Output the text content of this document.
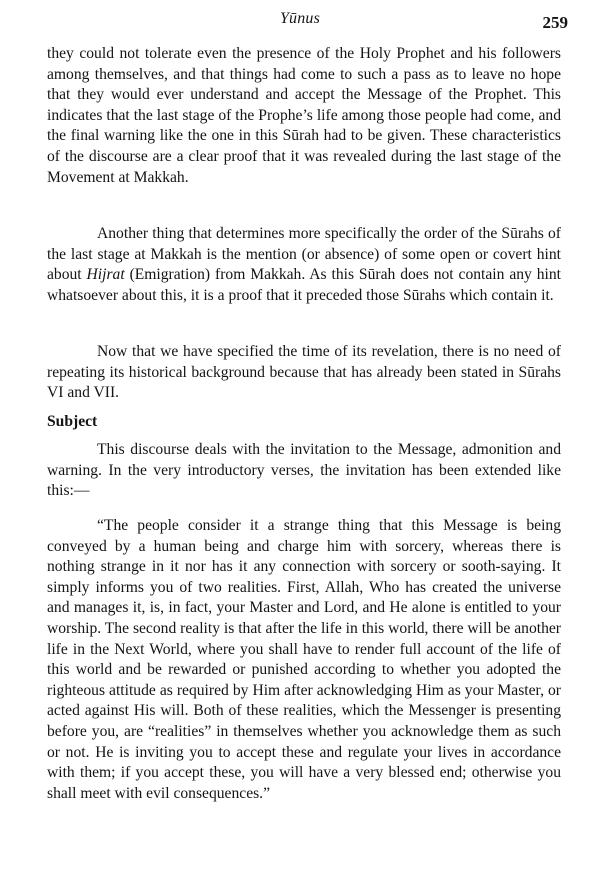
Yūnus	259

they could not tolerate even the presence of the Holy Prophet and his followers among themselves, and that things had come to such a pass as to leave no hope that they would ever understand and accept the Message of the Prophet. This indicates that the last stage of the Prophe’s life among those people had come, and the final warning like the one in this Sūrah had to be given. These characteristics of the discourse are a clear proof that it was revealed during the last stage of the Movement at Makkah.

Another thing that determines more specifically the order of the Sūrahs of the last stage at Makkah is the mention (or absence) of some open or covert hint about Hijrat (Emigration) from Makkah. As this Sūrah does not contain any hint whatsoever about this, it is a proof that it preceded those Sūrahs which contain it.

Now that we have specified the time of its revelation, there is no need of repeating its historical background because that has already been stated in Sūrahs VI and VII.

Subject

This discourse deals with the invitation to the Message, admonition and warning. In the very introductory verses, the invitation has been extended like this:—

“The people consider it a strange thing that this Message is being conveyed by a human being and charge him with sorcery, whereas there is nothing strange in it nor has it any connection with sorcery or sooth-saying. It simply informs you of two realities. First, Allah, Who has created the universe and manages it, is, in fact, your Master and Lord, and He alone is entitled to your worship. The second reality is that after the life in this world, there will be another life in the Next World, where you shall have to render full account of the life of this world and be rewarded or punished according to whether you adopted the righteous attitude as required by Him after acknowledging Him as your Master, or acted against His will. Both of these realities, which the Messenger is presenting before you, are “realities” in themselves whether you acknowledge them as such or not. He is inviting you to accept these and regulate your lives in accordance with them; if you accept these, you will have a very blessed end; otherwise you shall meet with evil consequences.”
